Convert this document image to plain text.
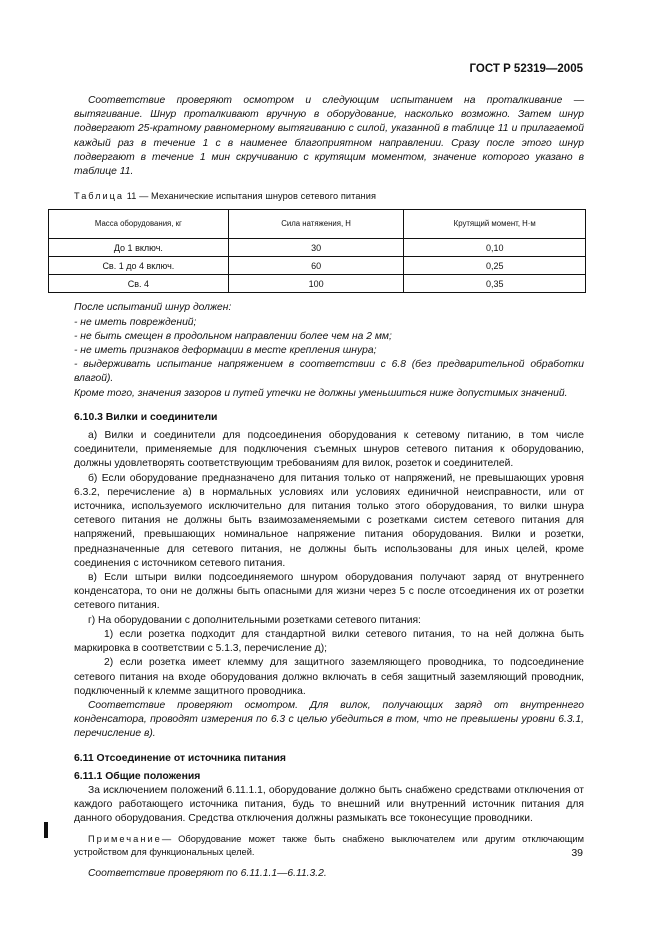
ГОСТ Р 52319—2005

Соответствие проверяют осмотром и следующим испытанием на проталкивание — вытягивание. Шнур проталкивают вручную в оборудование, насколько возможно. Затем шнур подвергают 25-кратному равномерному вытягиванию с силой, указанной в таблице 11 и прилагаемой каждый раз в течение 1 с в наименее благоприятном направлении. Сразу после этого шнур подвергают в течение 1 мин скручиванию с крутящим моментом, значение которого указано в таблице 11.

Таблица 11 — Механические испытания шнуров сетевого питания
Масса оборудования, кг	Сила натяжения, Н	Крутящий момент, Н·м
До 1 включ.	30	0,10
Св. 1 до 4 включ.	60	0,25
Св. 4	100	0,35

После испытаний шнур должен:

- не иметь повреждений;

- не быть смещен в продольном направлении более чем на 2 мм;

- не иметь признаков деформации в месте крепления шнура;

- выдерживать испытание напряжением в соответствии с 6.8 (без предварительной обработки влагой).

Кроме того, значения зазоров и путей утечки не должны уменьшиться ниже допустимых значений.

6.10.3 Вилки и соединители

а) Вилки и соединители для подсоединения оборудования к сетевому питанию, в том числе соединители, применяемые для подключения съемных шнуров сетевого питания к оборудованию, должны удовлетворять соответствующим требованиям для вилок, розеток и соединителей.

б) Если оборудование предназначено для питания только от напряжений, не превышающих уровня 6.3.2, перечисление а) в нормальных условиях или условиях единичной неисправности, или от источника, используемого исключительно для питания только этого оборудования, то вилки шнура сетевого питания не должны быть взаимозаменяемыми с розетками систем сетевого питания для напряжений, превышающих номинальное напряжение питания оборудования. Вилки и розетки, предназначенные для сетевого питания, не должны быть использованы для иных целей, кроме соединения с источником сетевого питания.

в) Если штыри вилки подсоединяемого шнуром оборудования получают заряд от внутреннего конденсатора, то они не должны быть опасными для жизни через 5 с после отсоединения их от розетки сетевого питания.

г) На оборудовании с дополнительными розетками сетевого питания:

1) если розетка подходит для стандартной вилки сетевого питания, то на ней должна быть маркировка в соответствии с 5.1.3, перечисление д);

2) если розетка имеет клемму для защитного заземляющего проводника, то подсоединение сетевого питания на входе оборудования должно включать в себя защитный заземляющий проводник, подключенный к клемме защитного проводника.

Соответствие проверяют осмотром. Для вилок, получающих заряд от внутреннего конденсатора, проводят измерения по 6.3 с целью убедиться в том, что не превышены уровни 6.3.1, перечисление в).

6.11 Отсоединение от источника питания
6.11.1 Общие положения

За исключением положений 6.11.1.1, оборудование должно быть снабжено средствами отключения от каждого работающего источника питания, будь то внешний или внутренний источник питания для данного оборудования. Средства отключения должны размыкать все токонесущие проводники.

Примечание— Оборудование может также быть снабжено выключателем или другим отключающим устройством для функциональных целей.

Соответствие проверяют по 6.11.1.1—6.11.3.2.

39
